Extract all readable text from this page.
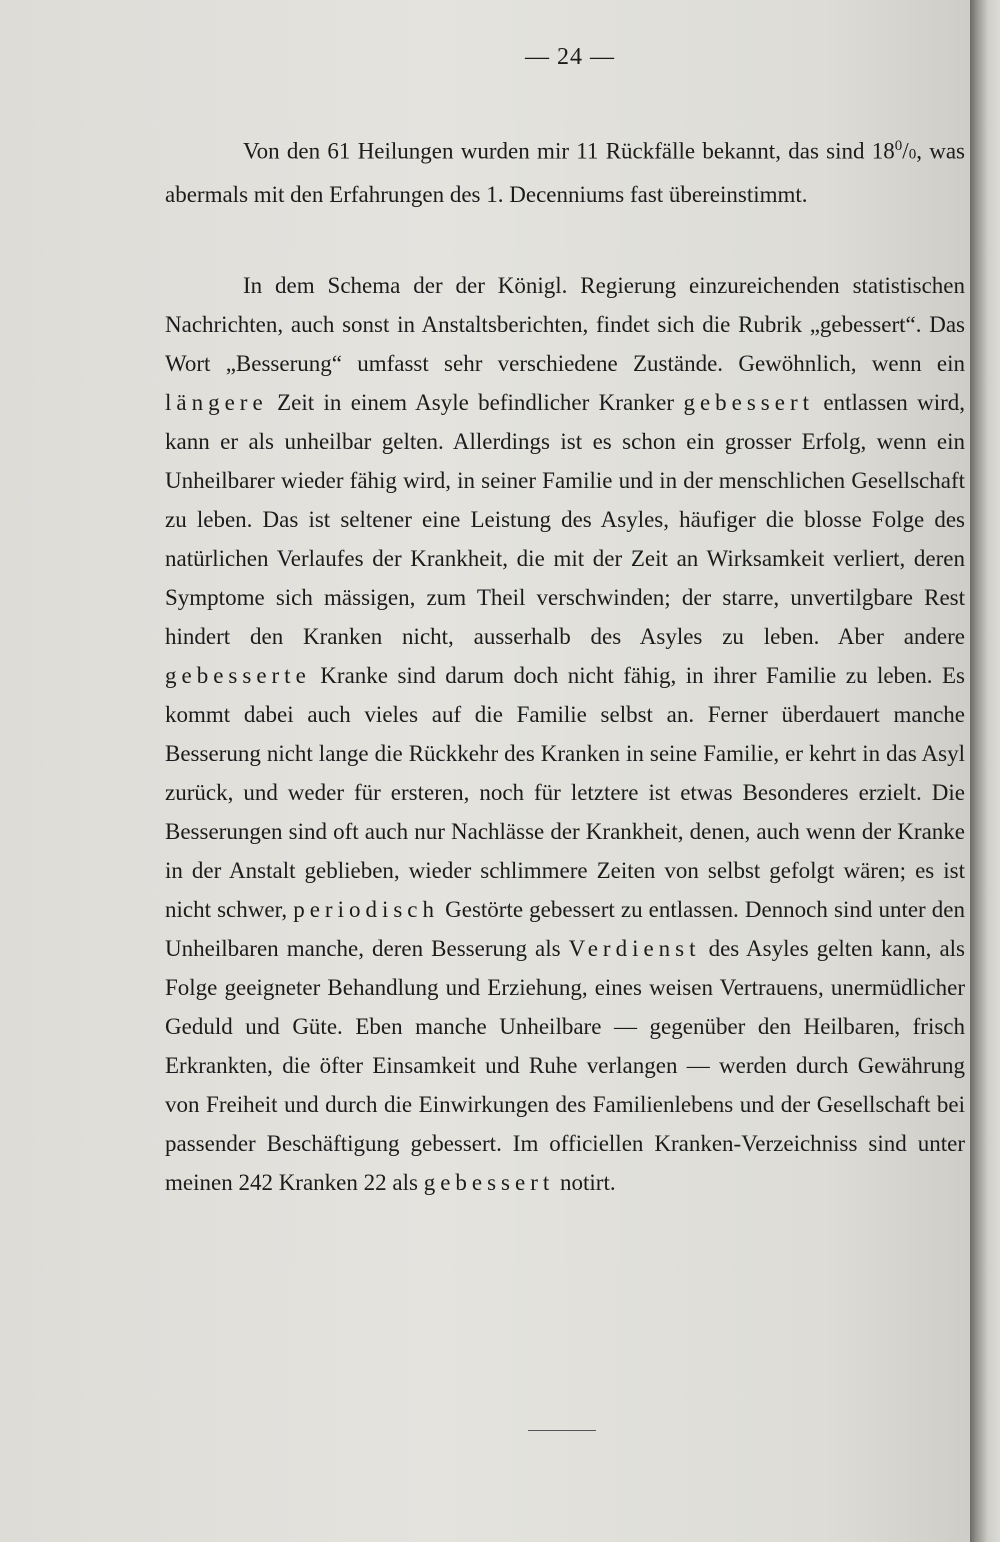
— 24 —

Von den 61 Heilungen wurden mir 11 Rückfälle bekannt, das sind $18^0/0$, was abermals mit den Erfahrungen des 1. Decenniums fast übereinstimmt.

In dem Schema der der Königl. Regierung einzureichenden statistischen Nachrichten, auch sonst in Anstaltsberichten, findet sich die Rubrik „gebessert“. Das Wort „Besserung“ umfasst sehr verschiedene Zustände. Gewöhnlich, wenn ein längere Zeit in einem Asyle befindlicher Kranker gebessert entlassen wird, kann er als unheilbar gelten. Allerdings ist es schon ein grosser Erfolg, wenn ein Unheilbarer wieder fähig wird, in seiner Familie und in der menschlichen Gesellschaft zu leben. Das ist seltener eine Leistung des Asyles, häufiger die blosse Folge des natürlichen Verlaufes der Krankheit, die mit der Zeit an Wirksamkeit verliert, deren Symptome sich mässigen, zum Theil verschwinden; der starre, unvertilgbare Rest hindert den Kranken nicht, ausserhalb des Asyles zu leben. Aber andere gebesserte Kranke sind darum doch nicht fähig, in ihrer Familie zu leben. Es kommt dabei auch vieles auf die Familie selbst an. Ferner überdauert manche Besserung nicht lange die Rückkehr des Kranken in seine Familie, er kehrt in das Asyl zurück, und weder für ersteren, noch für letztere ist etwas Besonderes erzielt. Die Besserungen sind oft auch nur Nachlässe der Krankheit, denen, auch wenn der Kranke in der Anstalt geblieben, wieder schlimmere Zeiten von selbst gefolgt wären; es ist nicht schwer, periodisch Gestörte gebessert zu entlassen. Dennoch sind unter den Unheilbaren manche, deren Besserung als Verdienst des Asyles gelten kann, als Folge geeigneter Behandlung und Erziehung, eines weisen Vertrauens, unermüdlicher Geduld und Güte. Eben manche Unheilbare — gegenüber den Heilbaren, frisch Erkrankten, die öfter Einsamkeit und Ruhe verlangen — werden durch Gewährung von Freiheit und durch die Einwirkungen des Familienlebens und der Gesellschaft bei passender Beschäftigung gebessert. Im officiellen Kranken-Verzeichniss sind unter meinen 242 Kranken 22 als gebessert notirt.
